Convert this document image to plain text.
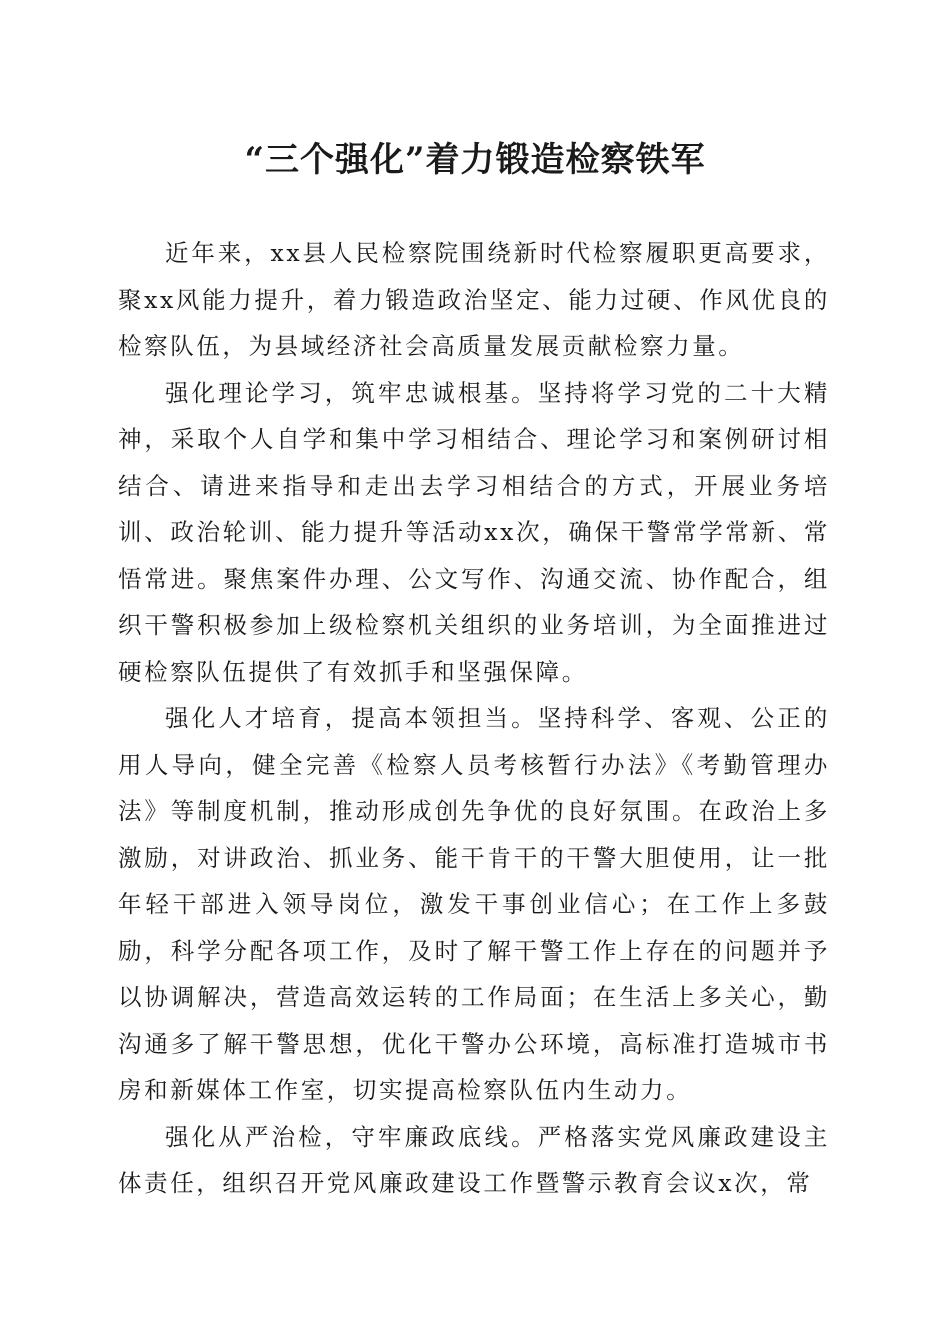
“三个强化”着力锻造检察铁军

近年来，xx县人民检察院围绕新时代检察履职更高要求，聚xx风能力提升，着力锻造政治坚定、能力过硬、作风优良的检察队伍，为县域经济社会高质量发展贡献检察力量。

强化理论学习，筑牢忠诚根基。坚持将学习党的二十大精神，采取个人自学和集中学习相结合、理论学习和案例研讨相结合、请进来指导和走出去学习相结合的方式，开展业务培训、政治轮训、能力提升等活动xx次，确保干警常学常新、常悟常进。聚焦案件办理、公文写作、沟通交流、协作配合，组织干警积极参加上级检察机关组织的业务培训，为全面推进过硬检察队伍提供了有效抓手和坚强保障。

强化人才培育，提高本领担当。坚持科学、客观、公正的用人导向，健全完善《检察人员考核暂行办法》《考勤管理办法》等制度机制，推动形成创先争优的良好氛围。在政治上多激励，对讲政治、抓业务、能干肯干的干警大胆使用，让一批年轻干部进入领导岗位，激发干事创业信心；在工作上多鼓励，科学分配各项工作，及时了解干警工作上存在的问题并予以协调解决，营造高效运转的工作局面；在生活上多关心，勤沟通多了解干警思想，优化干警办公环境，高标准打造城市书房和新媒体工作室，切实提高检察队伍内生动力。

强化从严治检，守牢廉政底线。严格落实党风廉政建设主体责任，组织召开党风廉政建设工作暨警示教育会议x次，常
